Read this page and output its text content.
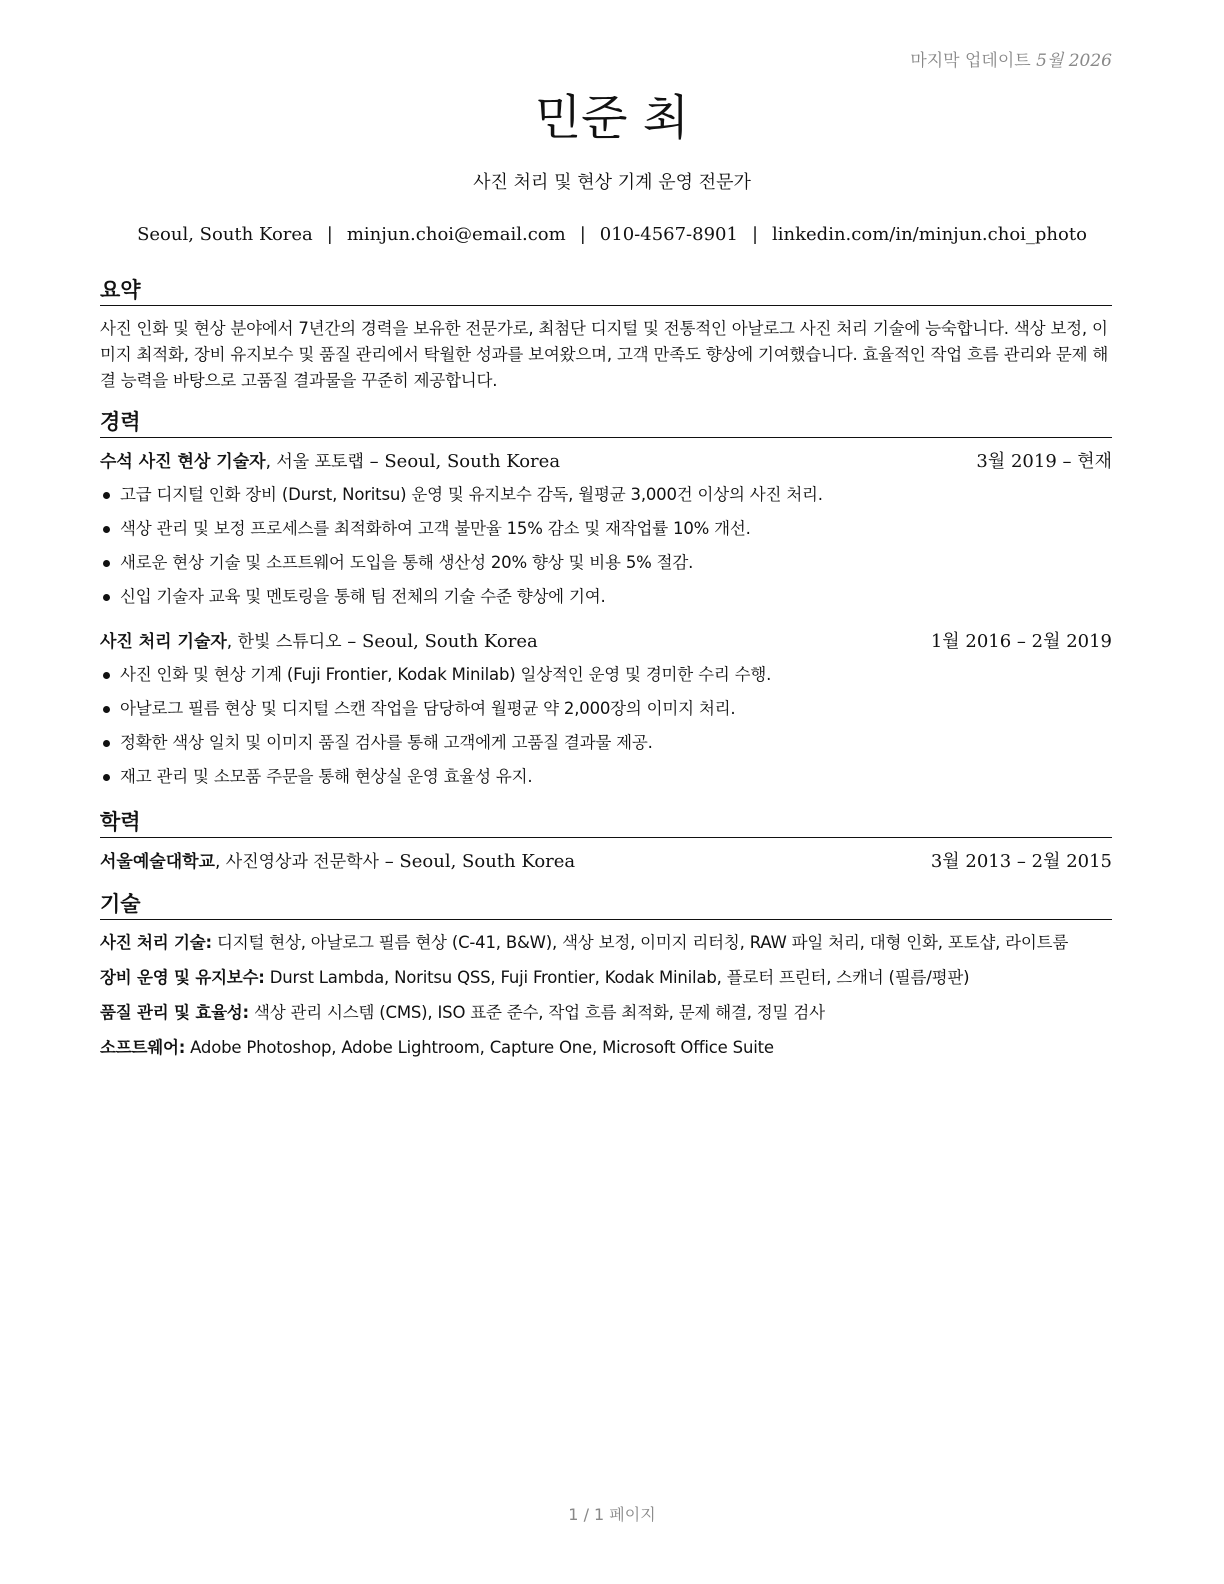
마지막 업데이트 5월 2026
민준 최
사진 처리 및 현상 기계 운영 전문가
Seoul, South Korea | minjun.choi@email.com | 010-4567-8901 | linkedin.com/in/minjun.choi_photo
요약

사진 인화 및 현상 분야에서 7년간의 경력을 보유한 전문가로, 최첨단 디지털 및 전통적인 아날로그 사진 처리 기술에 능숙합니다. 색상 보정, 이미지 최적화, 장비 유지보수 및 품질 관리에서 탁월한 성과를 보여왔으며, 고객 만족도 향상에 기여했습니다. 효율적인 작업 흐름 관리와 문제 해결 능력을 바탕으로 고품질 결과물을 꾸준히 제공합니다.

경력
수석 사진 현상 기술자, 서울 포토랩 – Seoul, South Korea	3월 2019 – 현재
고급 디지털 인화 장비 (Durst, Noritsu) 운영 및 유지보수 감독, 월평균 3,000건 이상의 사진 처리.
색상 관리 및 보정 프로세스를 최적화하여 고객 불만율 15% 감소 및 재작업률 10% 개선.
새로운 현상 기술 및 소프트웨어 도입을 통해 생산성 20% 향상 및 비용 5% 절감.
신입 기술자 교육 및 멘토링을 통해 팀 전체의 기술 수준 향상에 기여.
사진 처리 기술자, 한빛 스튜디오 – Seoul, South Korea	1월 2016 – 2월 2019
사진 인화 및 현상 기계 (Fuji Frontier, Kodak Minilab) 일상적인 운영 및 경미한 수리 수행.
아날로그 필름 현상 및 디지털 스캔 작업을 담당하여 월평균 약 2,000장의 이미지 처리.
정확한 색상 일치 및 이미지 품질 검사를 통해 고객에게 고품질 결과물 제공.
재고 관리 및 소모품 주문을 통해 현상실 운영 효율성 유지.
학력
서울예술대학교, 사진영상과 전문학사 – Seoul, South Korea	3월 2013 – 2월 2015
기술

사진 처리 기술: 디지털 현상, 아날로그 필름 현상 (C-41, B&W), 색상 보정, 이미지 리터칭, RAW 파일 처리, 대형 인화, 포토샵, 라이트룸

장비 운영 및 유지보수: Durst Lambda, Noritsu QSS, Fuji Frontier, Kodak Minilab, 플로터 프린터, 스캐너 (필름/평판)

품질 관리 및 효율성: 색상 관리 시스템 (CMS), ISO 표준 준수, 작업 흐름 최적화, 문제 해결, 정밀 검사

소프트웨어: Adobe Photoshop, Adobe Lightroom, Capture One, Microsoft Office Suite

1 / 1 페이지
